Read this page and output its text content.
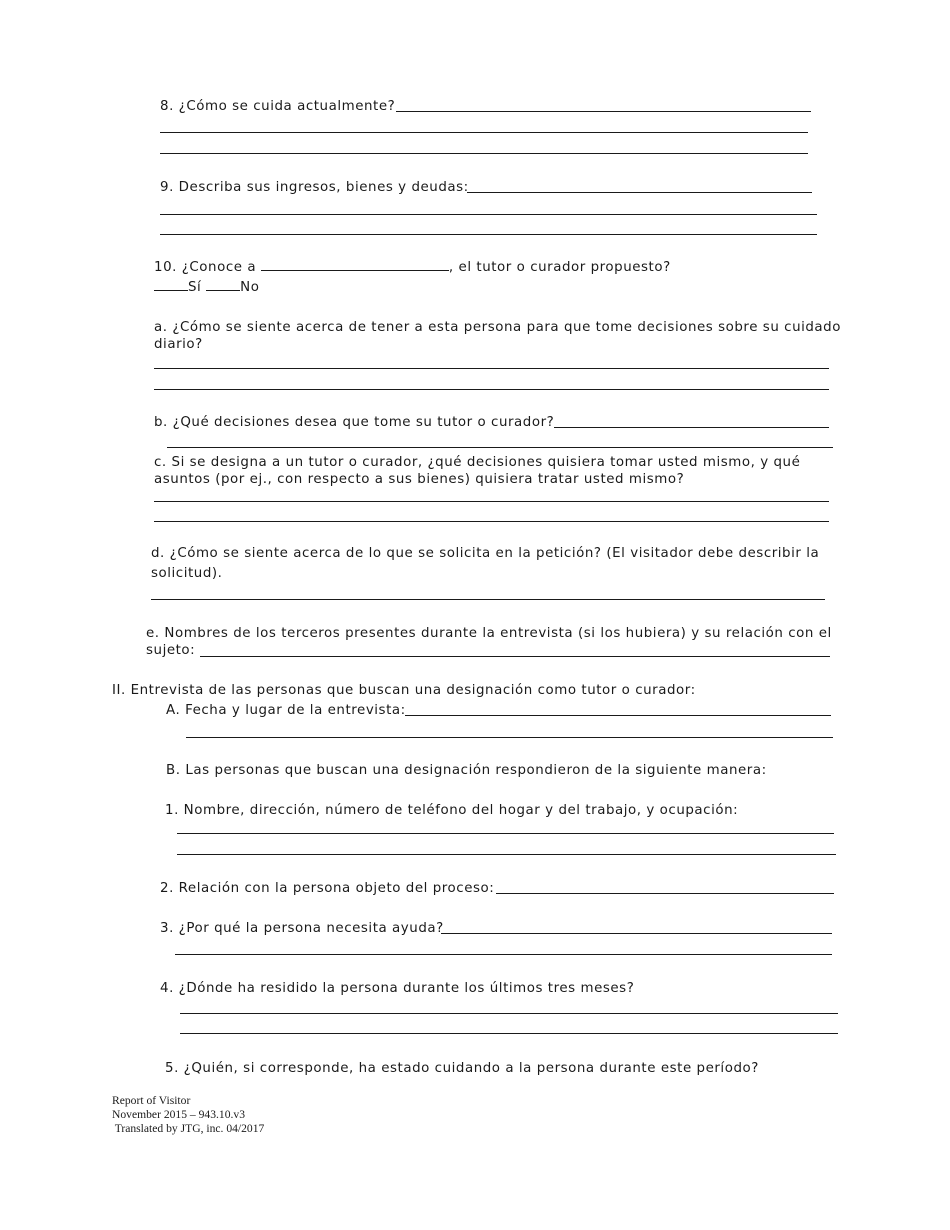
8. ¿Cómo se cuida actualmente?
9. Describa sus ingresos, bienes y deudas:
10. ¿Conoce a	, el tutor o curador propuesto?
Sí	No
a. ¿Cómo se siente acerca de tener a esta persona para que tome decisiones sobre su cuidado
diario?
b. ¿Qué decisiones desea que tome su tutor o curador?
c. Si se designa a un tutor o curador, ¿qué decisiones quisiera tomar usted mismo, y qué
asuntos (por ej., con respecto a sus bienes) quisiera tratar usted mismo?
d. ¿Cómo se siente acerca de lo que se solicita en la petición? (El visitador debe describir la
solicitud).
e. Nombres de los terceros presentes durante la entrevista (si los hubiera) y su relación con el
sujeto:
II. Entrevista de las personas que buscan una designación como tutor o curador:
A. Fecha y lugar de la entrevista:
B. Las personas que buscan una designación respondieron de la siguiente manera:
1. Nombre, dirección, número de teléfono del hogar y del trabajo, y ocupación:
2. Relación con la persona objeto del proceso:
3. ¿Por qué la persona necesita ayuda?
4. ¿Dónde ha residido la persona durante los últimos tres meses?
5. ¿Quién, si corresponde, ha estado cuidando a la persona durante este período?
Report of Visitor
November 2015 – 943.10.v3
Translated by JTG, inc. 04/2017
